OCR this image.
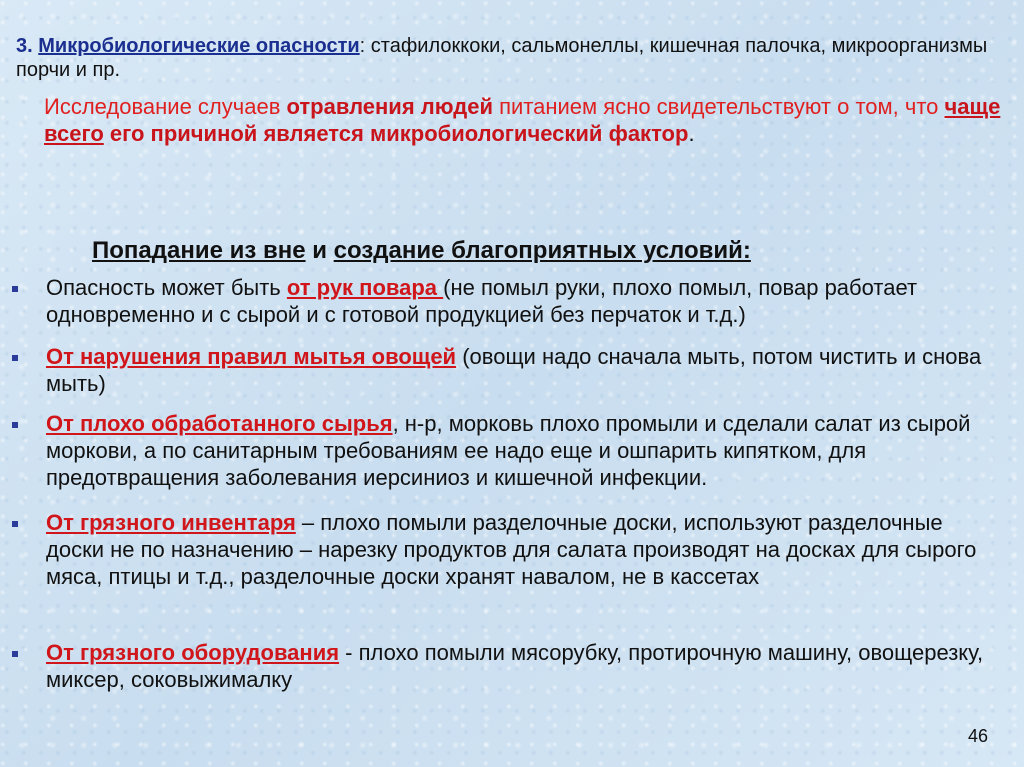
3. Микробиологические опасности: стафилоккоки, сальмонеллы, кишечная палочка, микроорганизмы порчи и пр.
Исследование случаев отравления людей питанием ясно свидетельствуют о том, что чаще всего его причиной является микробиологический фактор.
Попадание из вне и создание благоприятных условий:
Опасность может быть от рук повара (не помыл руки, плохо помыл, повар работает одновременно и с сырой и с готовой продукцией без перчаток и т.д.)
От нарушения правил мытья овощей (овощи надо сначала мыть, потом чистить и снова мыть)
От плохо обработанного сырья, н-р, морковь плохо промыли и сделали салат из сырой моркови, а по санитарным требованиям ее надо еще и ошпарить кипятком, для предотвращения заболевания иерсиниоз и кишечной инфекции.
От грязного инвентаря – плохо помыли разделочные доски, используют разделочные доски не по назначению – нарезку продуктов для салата производят на досках для сырого мяса, птицы и т.д., разделочные доски хранят навалом, не в кассетах
От грязного оборудования - плохо помыли мясорубку, протирочную машину, овощерезку, миксер, соковыжималку
46
